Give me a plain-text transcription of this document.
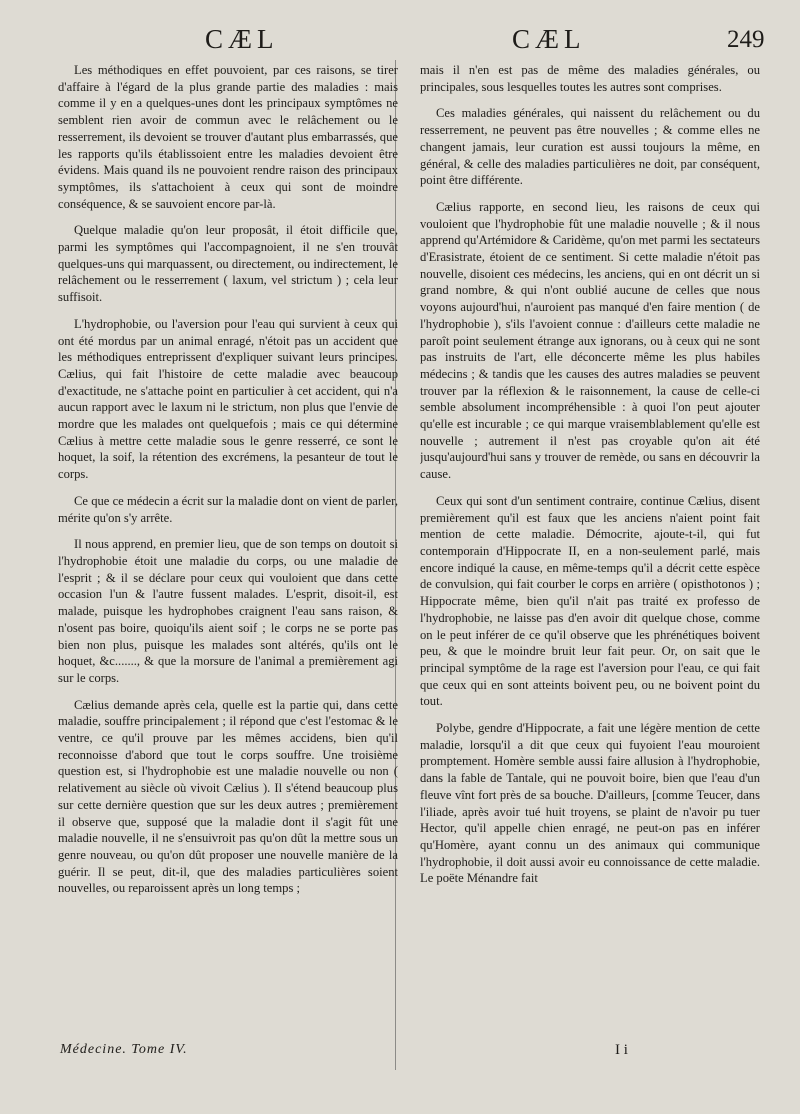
CÆL	CÆL	249

Les méthodiques en effet pouvoient, par ces raisons, se tirer d'affaire à l'égard de la plus grande partie des maladies : mais comme il y en a quelques-unes dont les principaux symptômes ne semblent rien avoir de commun avec le relâchement ou le resserrement, ils devoient se trouver d'autant plus embarrassés, que les rapports qu'ils établissoient entre les maladies devoient être évidens. Mais quand ils ne pouvoient rendre raison des principaux symptômes, ils s'attachoient à ceux qui sont de moindre conséquence, & se sauvoient encore par-là.

Quelque maladie qu'on leur proposât, il étoit difficile que, parmi les symptômes qui l'accompagnoient, il ne s'en trouvât quelques-uns qui marquassent, ou directement, ou indirectement, le relâchement ou le resserrement ( laxum, vel strictum ) ; cela leur suffisoit.

L'hydrophobie, ou l'aversion pour l'eau qui survient à ceux qui ont été mordus par un animal enragé, n'étoit pas un accident que les méthodiques entreprissent d'expliquer suivant leurs principes. Cælius, qui fait l'histoire de cette maladie avec beaucoup d'exactitude, ne s'attache point en particulier à cet accident, qui n'a aucun rapport avec le laxum ni le strictum, non plus que l'envie de mordre que les malades ont quelquefois ; mais ce qui détermine Cælius à mettre cette maladie sous le genre resserré, ce sont le hoquet, la soif, la rétention des excrémens, la pesanteur de tout le corps.

Ce que ce médecin a écrit sur la maladie dont on vient de parler, mérite qu'on s'y arrête.

Il nous apprend, en premier lieu, que de son temps on doutoit si l'hydrophobie étoit une maladie du corps, ou une maladie de l'esprit ; & il se déclare pour ceux qui vouloient que dans cette occasion l'un & l'autre fussent malades. L'esprit, disoit-il, est malade, puisque les hydrophobes craignent l'eau sans raison, & n'osent pas boire, quoiqu'ils aient soif ; le corps ne se porte pas bien non plus, puisque les malades sont altérés, qu'ils ont le hoquet, &c......., & que la morsure de l'animal a premièrement agi sur le corps.

Cælius demande après cela, quelle est la partie qui, dans cette maladie, souffre principalement ; il répond que c'est l'estomac & le ventre, ce qu'il prouve par les mêmes accidens, bien qu'il reconnoisse d'abord que tout le corps souffre. Une troisième question est, si l'hydrophobie est une maladie nouvelle ou non ( relativement au siècle où vivoit Cælius ). Il s'étend beaucoup plus sur cette dernière question que sur les deux autres ; premièrement il observe que, supposé que la maladie dont il s'agit fût une maladie nouvelle, il ne s'ensuivroit pas qu'on dût la mettre sous un genre nouveau, ou qu'on dût proposer une nouvelle manière de la guérir. Il se peut, dit-il, que des maladies particulières soient nouvelles, ou reparoissent après un long temps ;

mais il n'en est pas de même des maladies générales, ou principales, sous lesquelles toutes les autres sont comprises.

Ces maladies générales, qui naissent du relâchement ou du resserrement, ne peuvent pas être nouvelles ; & comme elles ne changent jamais, leur curation est aussi toujours la même, en général, & celle des maladies particulières ne doit, par conséquent, point être différente.

Cælius rapporte, en second lieu, les raisons de ceux qui vouloient que l'hydrophobie fût une maladie nouvelle ; & il nous apprend qu'Artémidore & Caridème, qu'on met parmi les sectateurs d'Erasistrate, étoient de ce sentiment. Si cette maladie n'étoit pas nouvelle, disoient ces médecins, les anciens, qui en ont décrit un si grand nombre, & qui n'ont oublié aucune de celles que nous voyons aujourd'hui, n'auroient pas manqué d'en faire mention ( de l'hydrophobie ), s'ils l'avoient connue : d'ailleurs cette maladie ne paroît point seulement étrange aux ignorans, ou à ceux qui ne sont pas instruits de l'art, elle déconcerte même les plus habiles médecins ; & tandis que les causes des autres maladies se peuvent trouver par la réflexion & le raisonnement, la cause de celle-ci semble absolument incompréhensible : à quoi l'on peut ajouter qu'elle est incurable ; ce qui marque vraisemblablement qu'elle est nouvelle ; autrement il n'est pas croyable qu'on ait été jusqu'aujourd'hui sans y trouver de remède, ou sans en découvrir la cause.

Ceux qui sont d'un sentiment contraire, continue Cælius, disent premièrement qu'il est faux que les anciens n'aient point fait mention de cette maladie. Démocrite, ajoute-t-il, qui fut contemporain d'Hippocrate II, en a non-seulement parlé, mais encore indiqué la cause, en même-temps qu'il a décrit cette espèce de convulsion, qui fait courber le corps en arrière ( opisthotonos ) ; Hippocrate même, bien qu'il n'ait pas traité ex professo de l'hydrophobie, ne laisse pas d'en avoir dit quelque chose, comme on le peut inférer de ce qu'il observe que les phrénétiques boivent peu, & que le moindre bruit leur fait peur. Or, on sait que le principal symptôme de la rage est l'aversion pour l'eau, ce qui fait que ceux qui en sont atteints boivent peu, ou ne boivent point du tout.

Polybe, gendre d'Hippocrate, a fait une légère mention de cette maladie, lorsqu'il a dit que ceux qui fuyoient l'eau mouroient promptement. Homère semble aussi faire allusion à l'hydrophobie, dans la fable de Tantale, qui ne pouvoit boire, bien que l'eau d'un fleuve vînt fort près de sa bouche. D'ailleurs, [comme Teucer, dans l'iliade, après avoir tué huit troyens, se plaint de n'avoir pu tuer Hector, qu'il appelle chien enragé, ne peut-on pas en inférer qu'Homère, ayant connu un des animaux qui communique l'hydrophobie, il doit aussi avoir eu connoissance de cette maladie. Le poëte Ménandre fait

Médecine. Tome IV.	I i
